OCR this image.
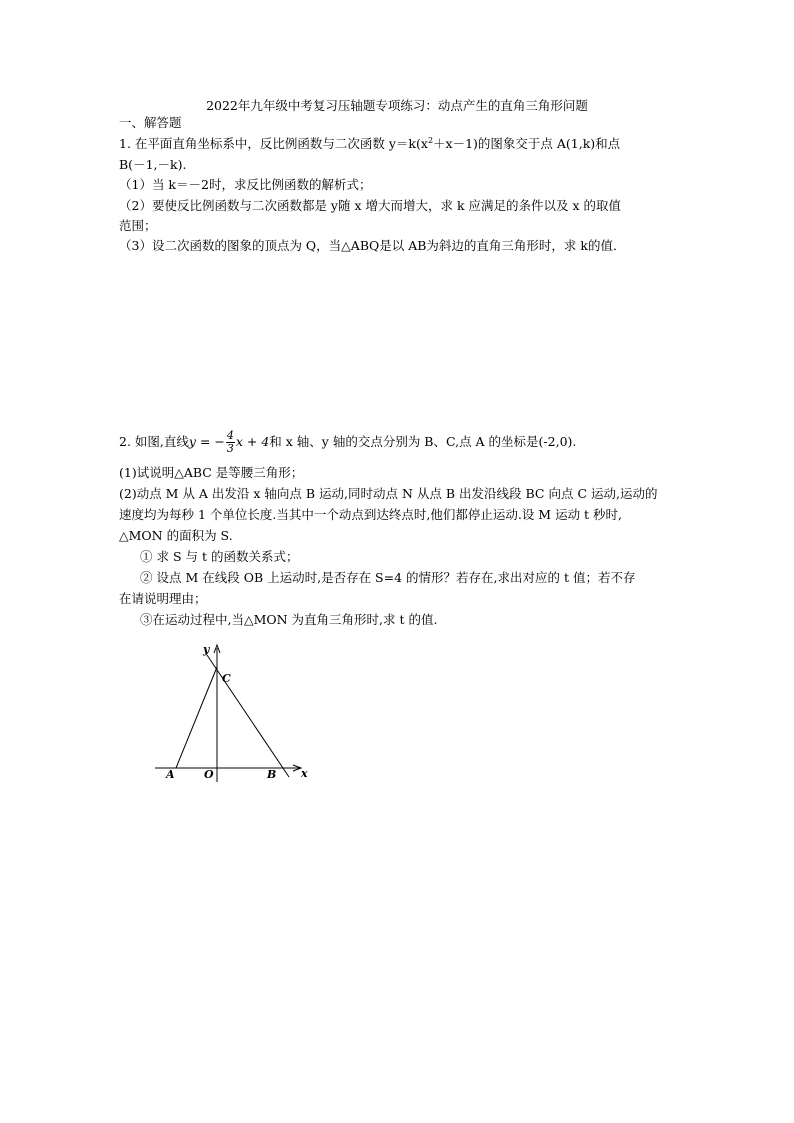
2022年九年级中考复习压轴题专项练习：动点产生的直角三角形问题
一、解答题
1. 在平面直角坐标系中，反比例函数与二次函数 $y=k(x^2+x-1)$的图象交于点 A(1,k)和点
B(－1,－k).
（1）当 k＝－2时，求反比例函数的解析式；
（2）要使反比例函数与二次函数都是 y随 x 增大而增大，求 k 应满足的条件以及 x 的取值
范围；
（3）设二次函数的图象的顶点为 Q，当△ABQ是以 AB为斜边的直角三角形时，求 k的值．
2. 如图,直线y = − $\frac{4}{3}$ x + 4和 x 轴、y 轴的交点分别为 B、C,点 A 的坐标是(-2,0).
(1)试说明△ABC 是等腰三角形；
(2)动点 M 从 A 出发沿 x 轴向点 B 运动,同时动点 N 从点 B 出发沿线段 BC 向点 C 运动,运动的
速度均为每秒 1 个单位长度.当其中一个动点到达终点时,他们都停止运动.设 M 运动 t 秒时,
△MON 的面积为 S.
① 求 S 与 t 的函数关系式；
② 设点 M 在线段 OB 上运动时,是否存在 S=4 的情形？若存在,求出对应的 t 值；若不存
在请说明理由；
③在运动过程中,当△MON 为直角三角形时,求 t 的值.
y
x
C
A	O	B
